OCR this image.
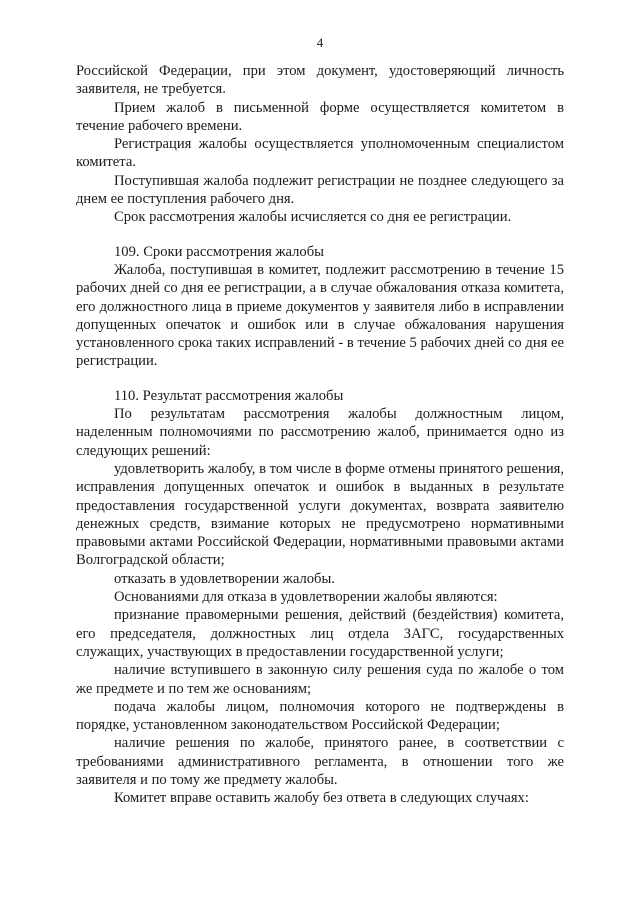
4

Российской Федерации, при этом документ, удостоверяющий личность заявителя, не требуется.

Прием жалоб в письменной форме осуществляется комитетом в течение рабочего времени.

Регистрация жалобы осуществляется уполномоченным специалистом комитета.

Поступившая жалоба подлежит регистрации не позднее следующего за днем ее поступления рабочего дня.

Срок рассмотрения жалобы исчисляется со дня ее регистрации.

109. Сроки рассмотрения жалобы

Жалоба, поступившая в комитет, подлежит рассмотрению в течение 15 рабочих дней со дня ее регистрации, а в случае обжалования отказа комитета, его должностного лица в приеме документов у заявителя либо в исправлении допущенных опечаток и ошибок или в случае обжалования нарушения установленного срока таких исправлений - в течение 5 рабочих дней со дня ее регистрации.

110. Результат рассмотрения жалобы

По результатам рассмотрения жалобы должностным лицом, наделенным полномочиями по рассмотрению жалоб, принимается одно из следующих решений:

удовлетворить жалобу, в том числе в форме отмены принятого решения, исправления допущенных опечаток и ошибок в выданных в результате предоставления государственной услуги документах, возврата заявителю денежных средств, взимание которых не предусмотрено нормативными правовыми актами Российской Федерации, нормативными правовыми актами Волгоградской области;

отказать в удовлетворении жалобы.

Основаниями для отказа в удовлетворении жалобы являются:

признание правомерными решения, действий (бездействия) комитета, его председателя, должностных лиц отдела ЗАГС, государственных служащих, участвующих в предоставлении государственной услуги;

наличие вступившего в законную силу решения суда по жалобе о том же предмете и по тем же основаниям;

подача жалобы лицом, полномочия которого не подтверждены в порядке, установленном законодательством Российской Федерации;

наличие решения по жалобе, принятого ранее, в соответствии с требованиями административного регламента, в отношении того же заявителя и по тому же предмету жалобы.

Комитет вправе оставить жалобу без ответа в следующих случаях:
